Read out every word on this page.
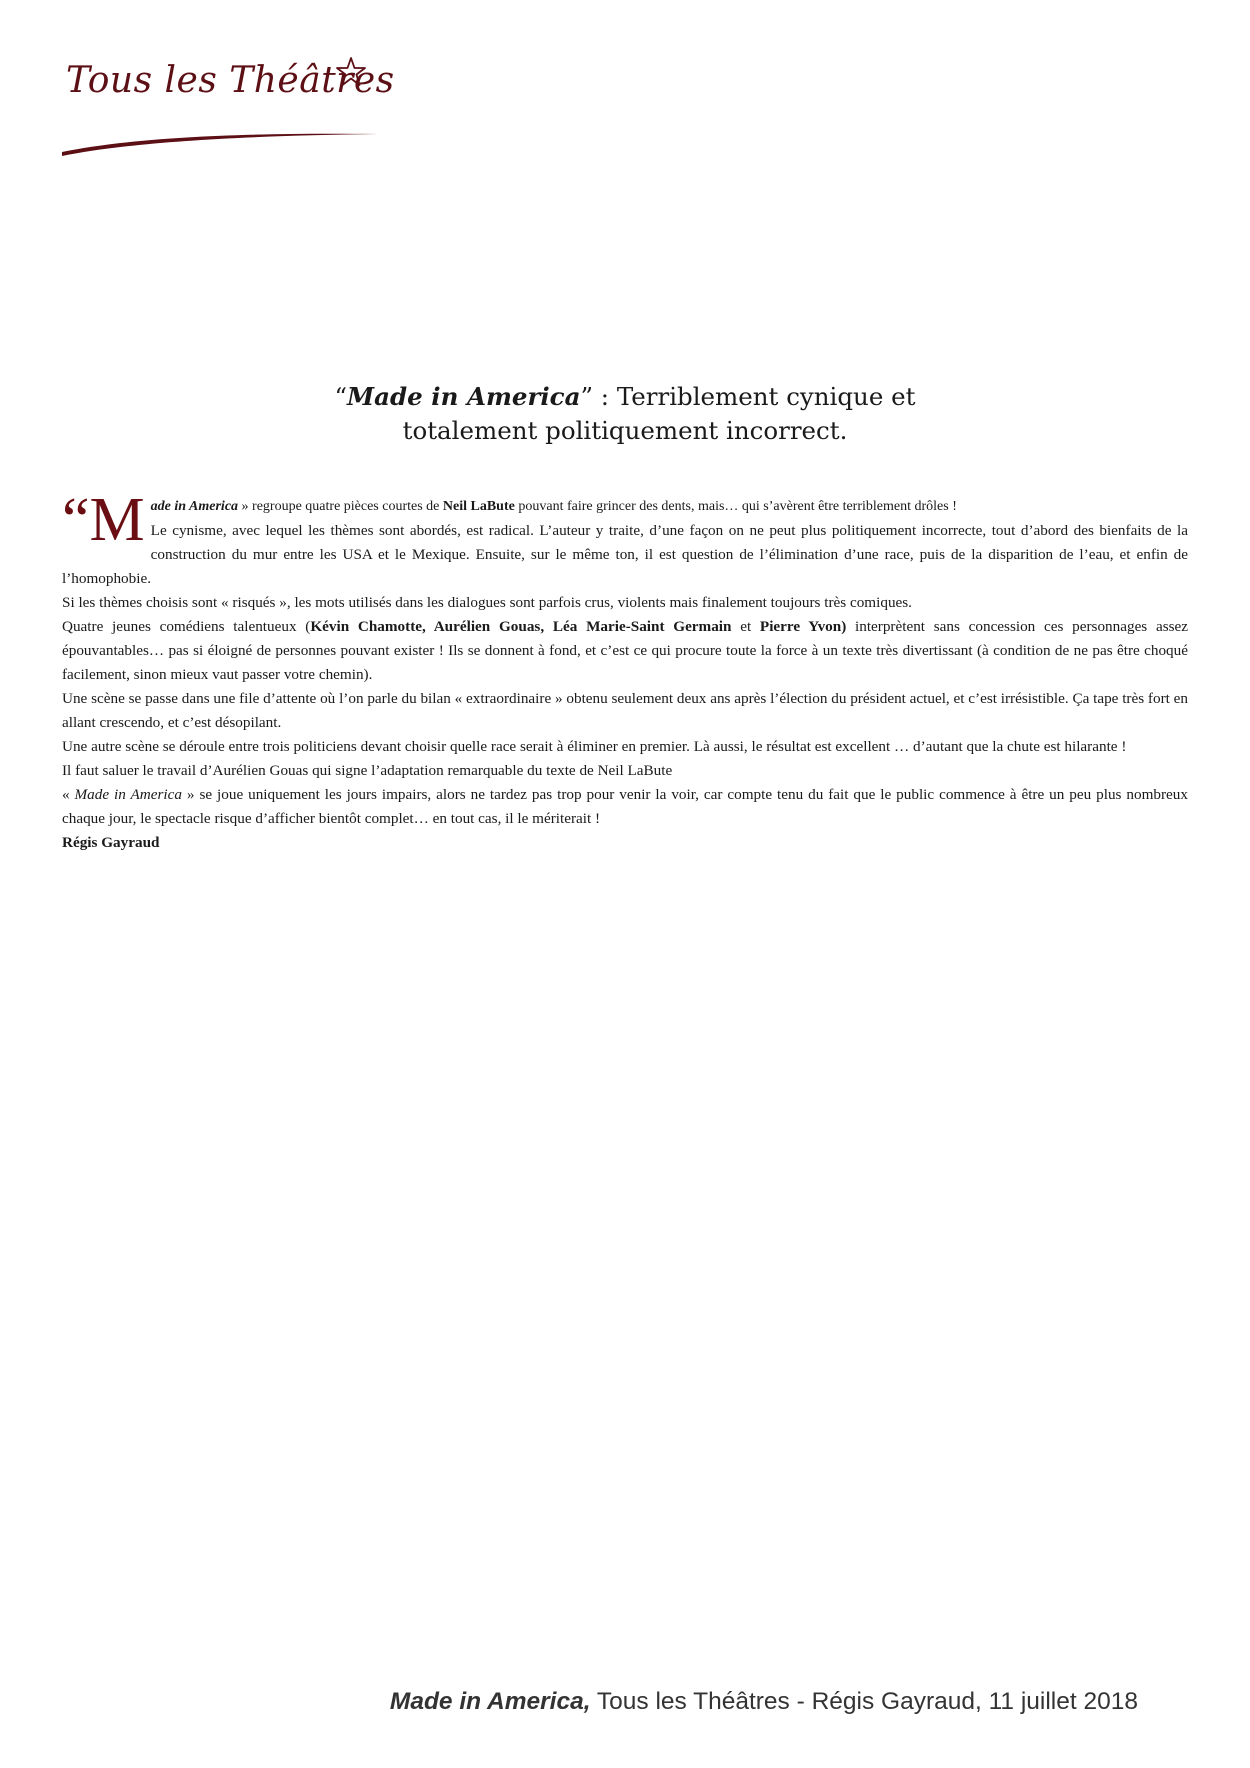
Tous les Théâtres
“Made in America” : Terriblement cynique et
totalement politiquement incorrect.

“M ade in America » regroupe quatre pièces courtes de Neil LaBute pouvant faire grincer des dents, mais… qui s’avèrent être terriblement drôles !

Le cynisme, avec lequel les thèmes sont abordés, est radical. L’auteur y traite, d’une façon on ne peut plus politiquement incorrecte, tout d’abord des bienfaits de la construction du mur entre les USA et le Mexique. Ensuite, sur le même ton, il est question de l’élimination d’une race, puis de la disparition de l’eau, et enfin de l’homophobie.

Si les thèmes choisis sont « risqués », les mots utilisés dans les dialogues sont parfois crus, violents mais finalement toujours très comiques.

Quatre jeunes comédiens talentueux (Kévin Chamotte, Aurélien Gouas, Léa Marie-Saint Germain et Pierre Yvon) interprètent sans concession ces personnages assez épouvantables… pas si éloigné de personnes pouvant exister ! Ils se donnent à fond, et c’est ce qui procure toute la force à un texte très divertissant (à condition de ne pas être choqué facilement, sinon mieux vaut passer votre chemin).

Une scène se passe dans une file d’attente où l’on parle du bilan « extraordinaire » obtenu seulement deux ans après l’élection du président actuel, et c’est irrésistible. Ça tape très fort en allant crescendo, et c’est désopilant.

Une autre scène se déroule entre trois politiciens devant choisir quelle race serait à éliminer en premier. Là aussi, le résultat est excellent … d’autant que la chute est hilarante !

Il faut saluer le travail d’Aurélien Gouas qui signe l’adaptation remarquable du texte de Neil LaBute

« Made in America » se joue uniquement les jours impairs, alors ne tardez pas trop pour venir la voir, car compte tenu du fait que le public commence à être un peu plus nombreux chaque jour, le spectacle risque d’afficher bientôt complet… en tout cas, il le mériterait !

Régis Gayraud

Made in America, Tous les Théâtres - Régis Gayraud, 11 juillet 2018
